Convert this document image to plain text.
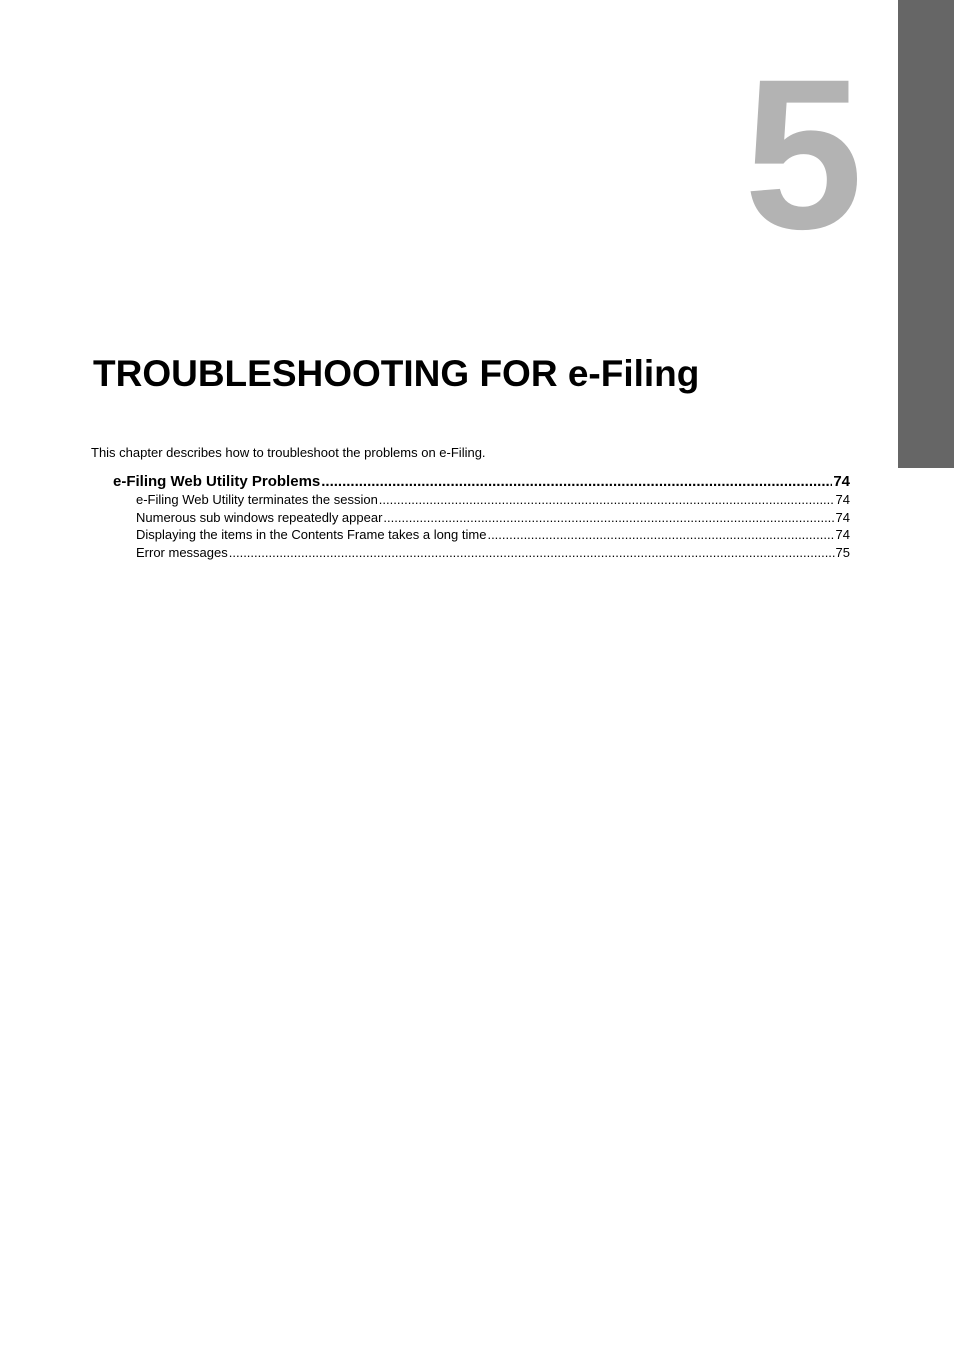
5
TROUBLESHOOTING FOR e-Filing

This chapter describes how to troubleshoot the problems on e-Filing.

e-Filing Web Utility Problems .....	74
e-Filing Web Utility terminates the session .....	74
Numerous sub windows repeatedly appear .....	74
Displaying the items in the Contents Frame takes a long time .....	74
Error messages .....	75
